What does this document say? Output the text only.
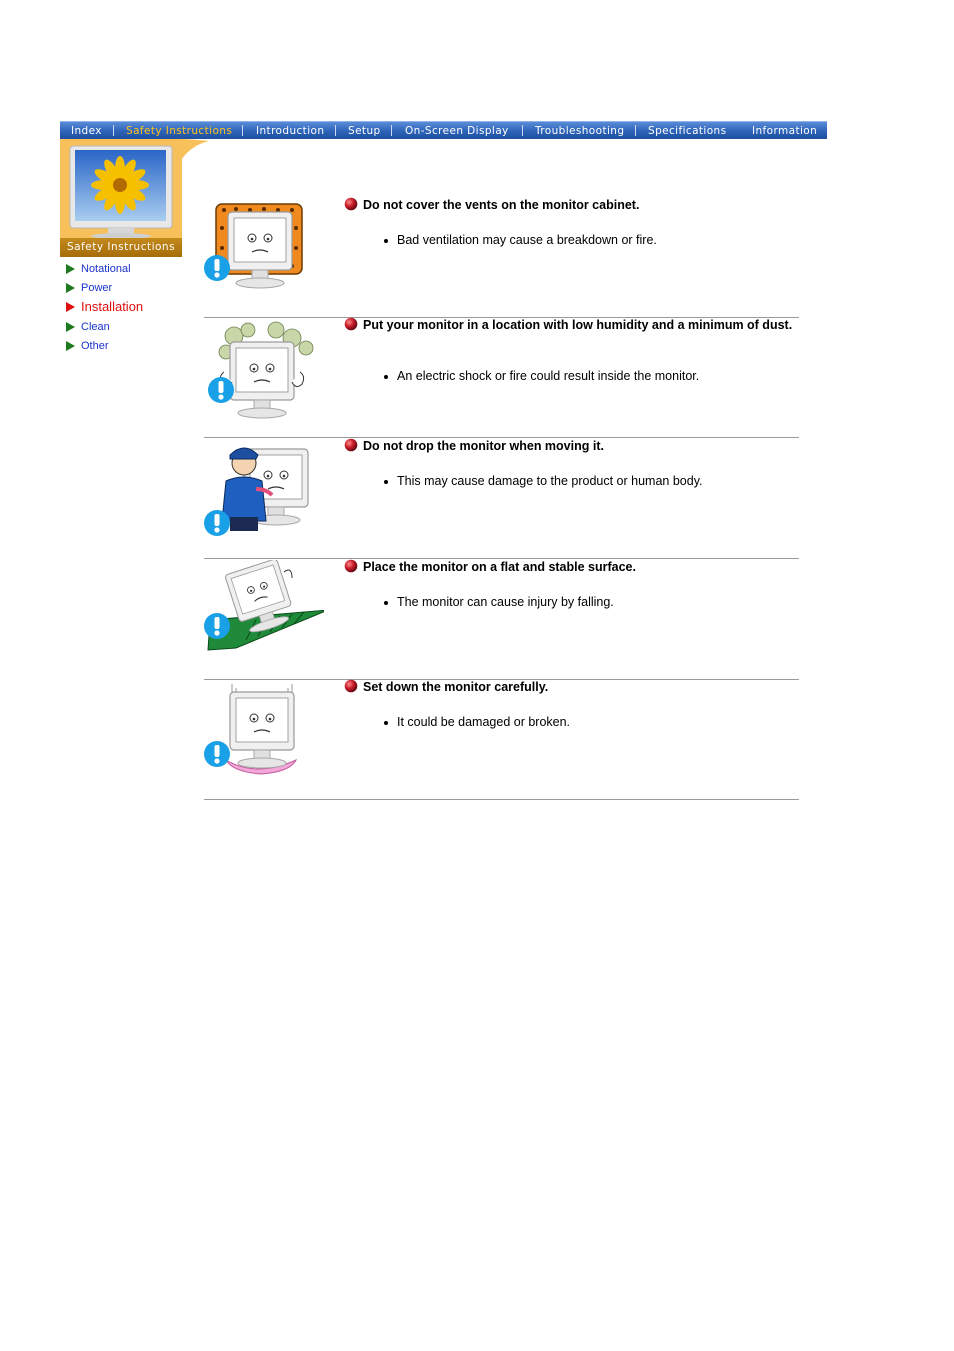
Index Safety Instructions Introduction Setup On-Screen Display	Troubleshooting Specifications Information
Safety Instructions
Notational
Power
Installation
Clean
Other
Do not cover the vents on the monitor cabinet.
Bad ventilation may cause a breakdown or fire.
Put your monitor in a location with low humidity and a minimum of dust.
An electric shock or fire could result inside the monitor.
Do not drop the monitor when moving it.
This may cause damage to the product or human body.
Place the monitor on a flat and stable surface.
The monitor can cause injury by falling.
Set down the monitor carefully.
It could be damaged or broken.
